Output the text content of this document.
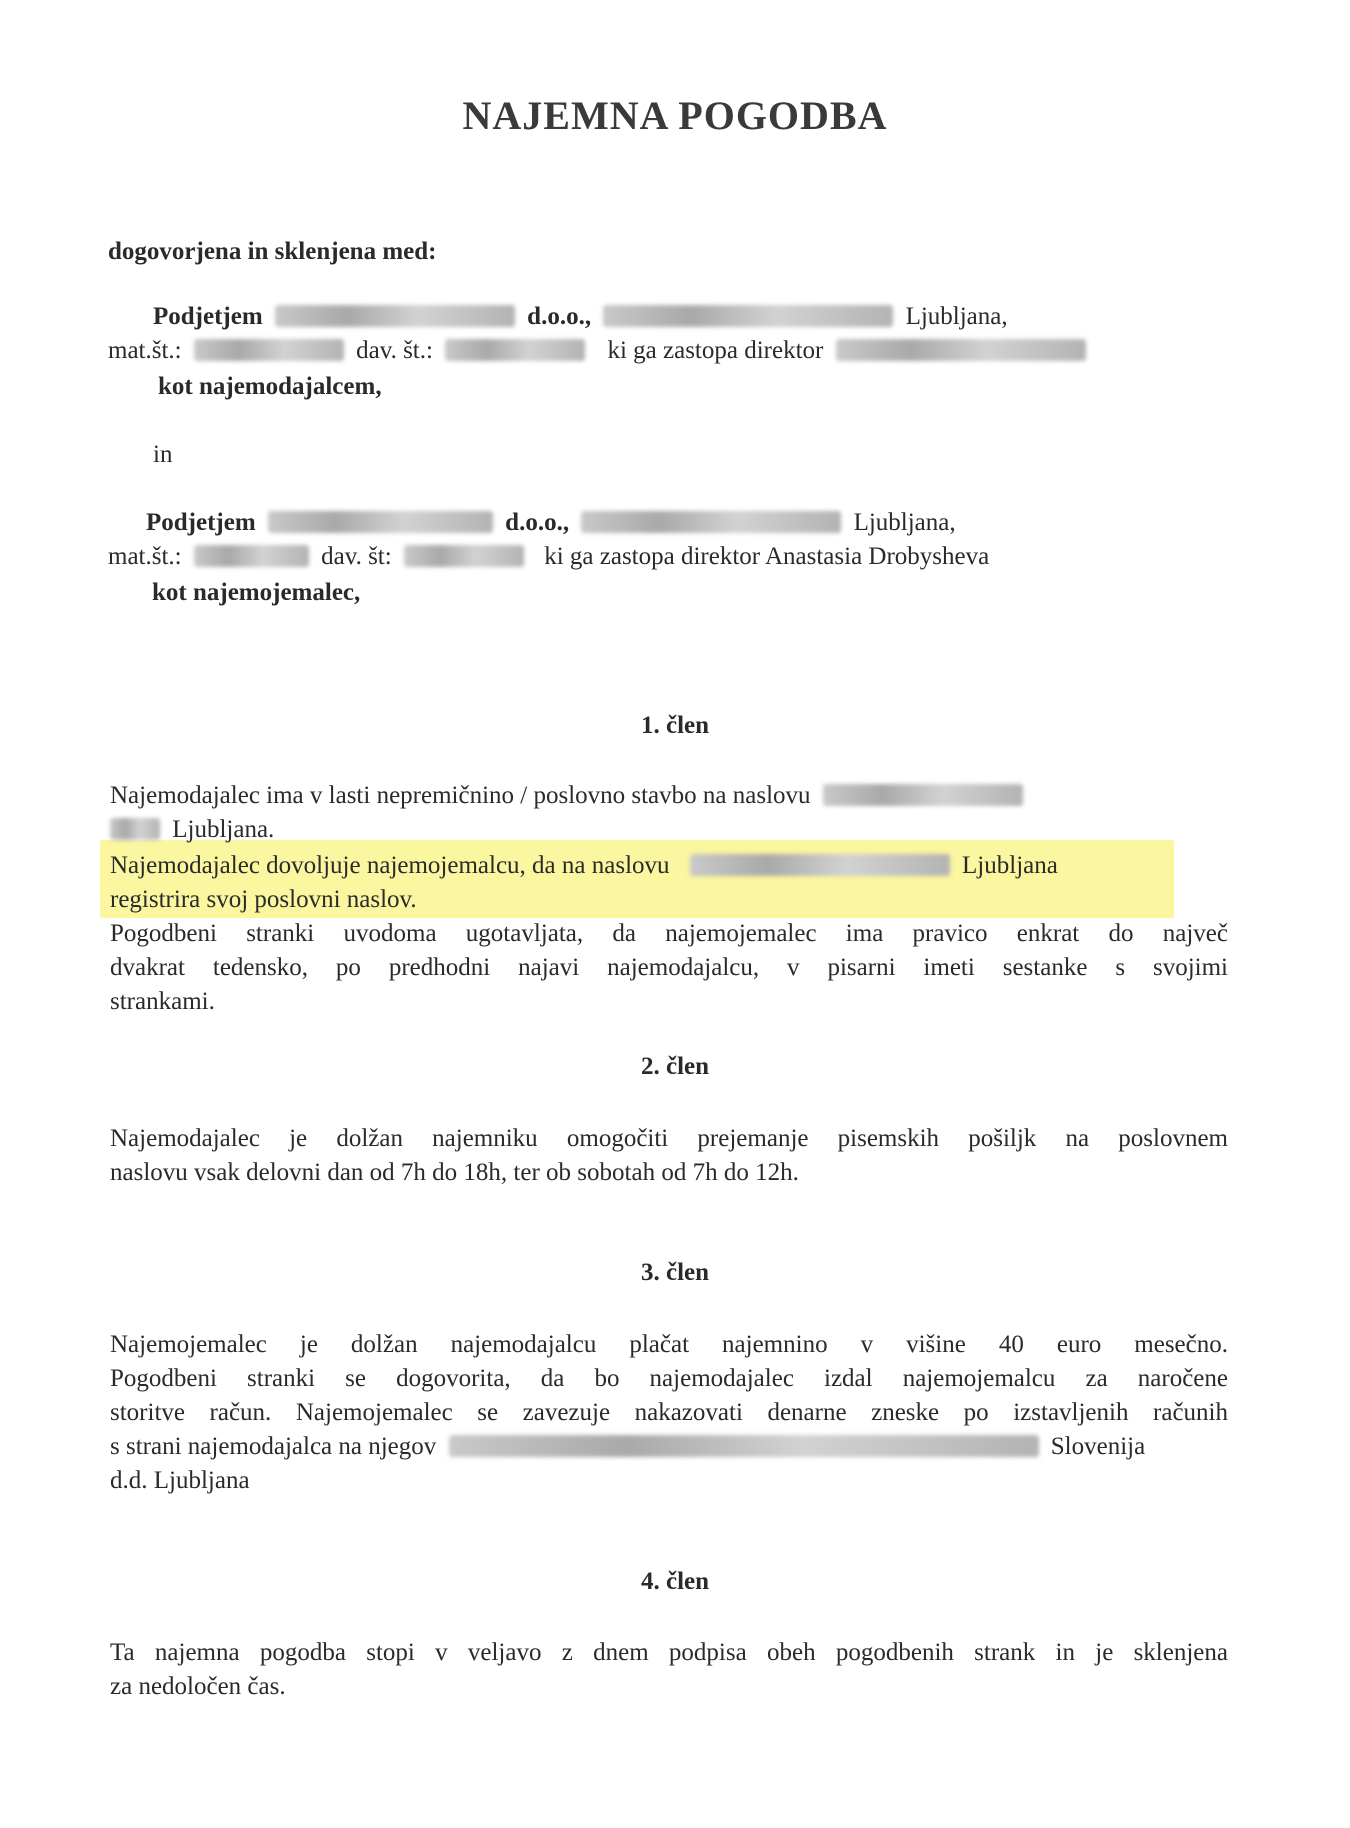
NAJEMNA POGODBA
dogovorjena in sklenjena med:
Podjetjem	d.o.o.,	Ljubljana,
mat.št.:	dav. št.:	ki ga zastopa direktor
kot najemodajalcem,
in
Podjetjem	d.o.o.,	Ljubljana,
mat.št.:	dav. št:	ki ga zastopa direktor Anastasia Drobysheva
kot najemojemalec,
1. člen
Najemodajalec ima v lasti nepremičnino / poslovno stavbo na naslovu
Ljubljana.
Najemodajalec dovoljuje najemojemalcu, da na naslovu	Ljubljana
registrira svoj poslovni naslov.
Pogodbeni stranki uvodoma ugotavljata, da najemojemalec ima pravico enkrat do največ
dvakrat tedensko, po predhodni najavi najemodajalcu, v pisarni imeti sestanke s svojimi
strankami.
2. člen
Najemodajalec je dolžan najemniku omogočiti prejemanje pisemskih pošiljk na poslovnem
naslovu vsak delovni dan od 7h do 18h, ter ob sobotah od 7h do 12h.
3. člen
Najemojemalec je dolžan najemodajalcu plačat najemnino v višine 40 euro mesečno.
Pogodbeni stranki se dogovorita, da bo najemodajalec izdal najemojemalcu za naročene
storitve račun. Najemojemalec se zavezuje nakazovati denarne zneske po izstavljenih računih
s strani najemodajalca na njegov	Slovenija
d.d. Ljubljana
4. člen
Ta najemna pogodba stopi v veljavo z dnem podpisa obeh pogodbenih strank in je sklenjena
za nedoločen čas.
